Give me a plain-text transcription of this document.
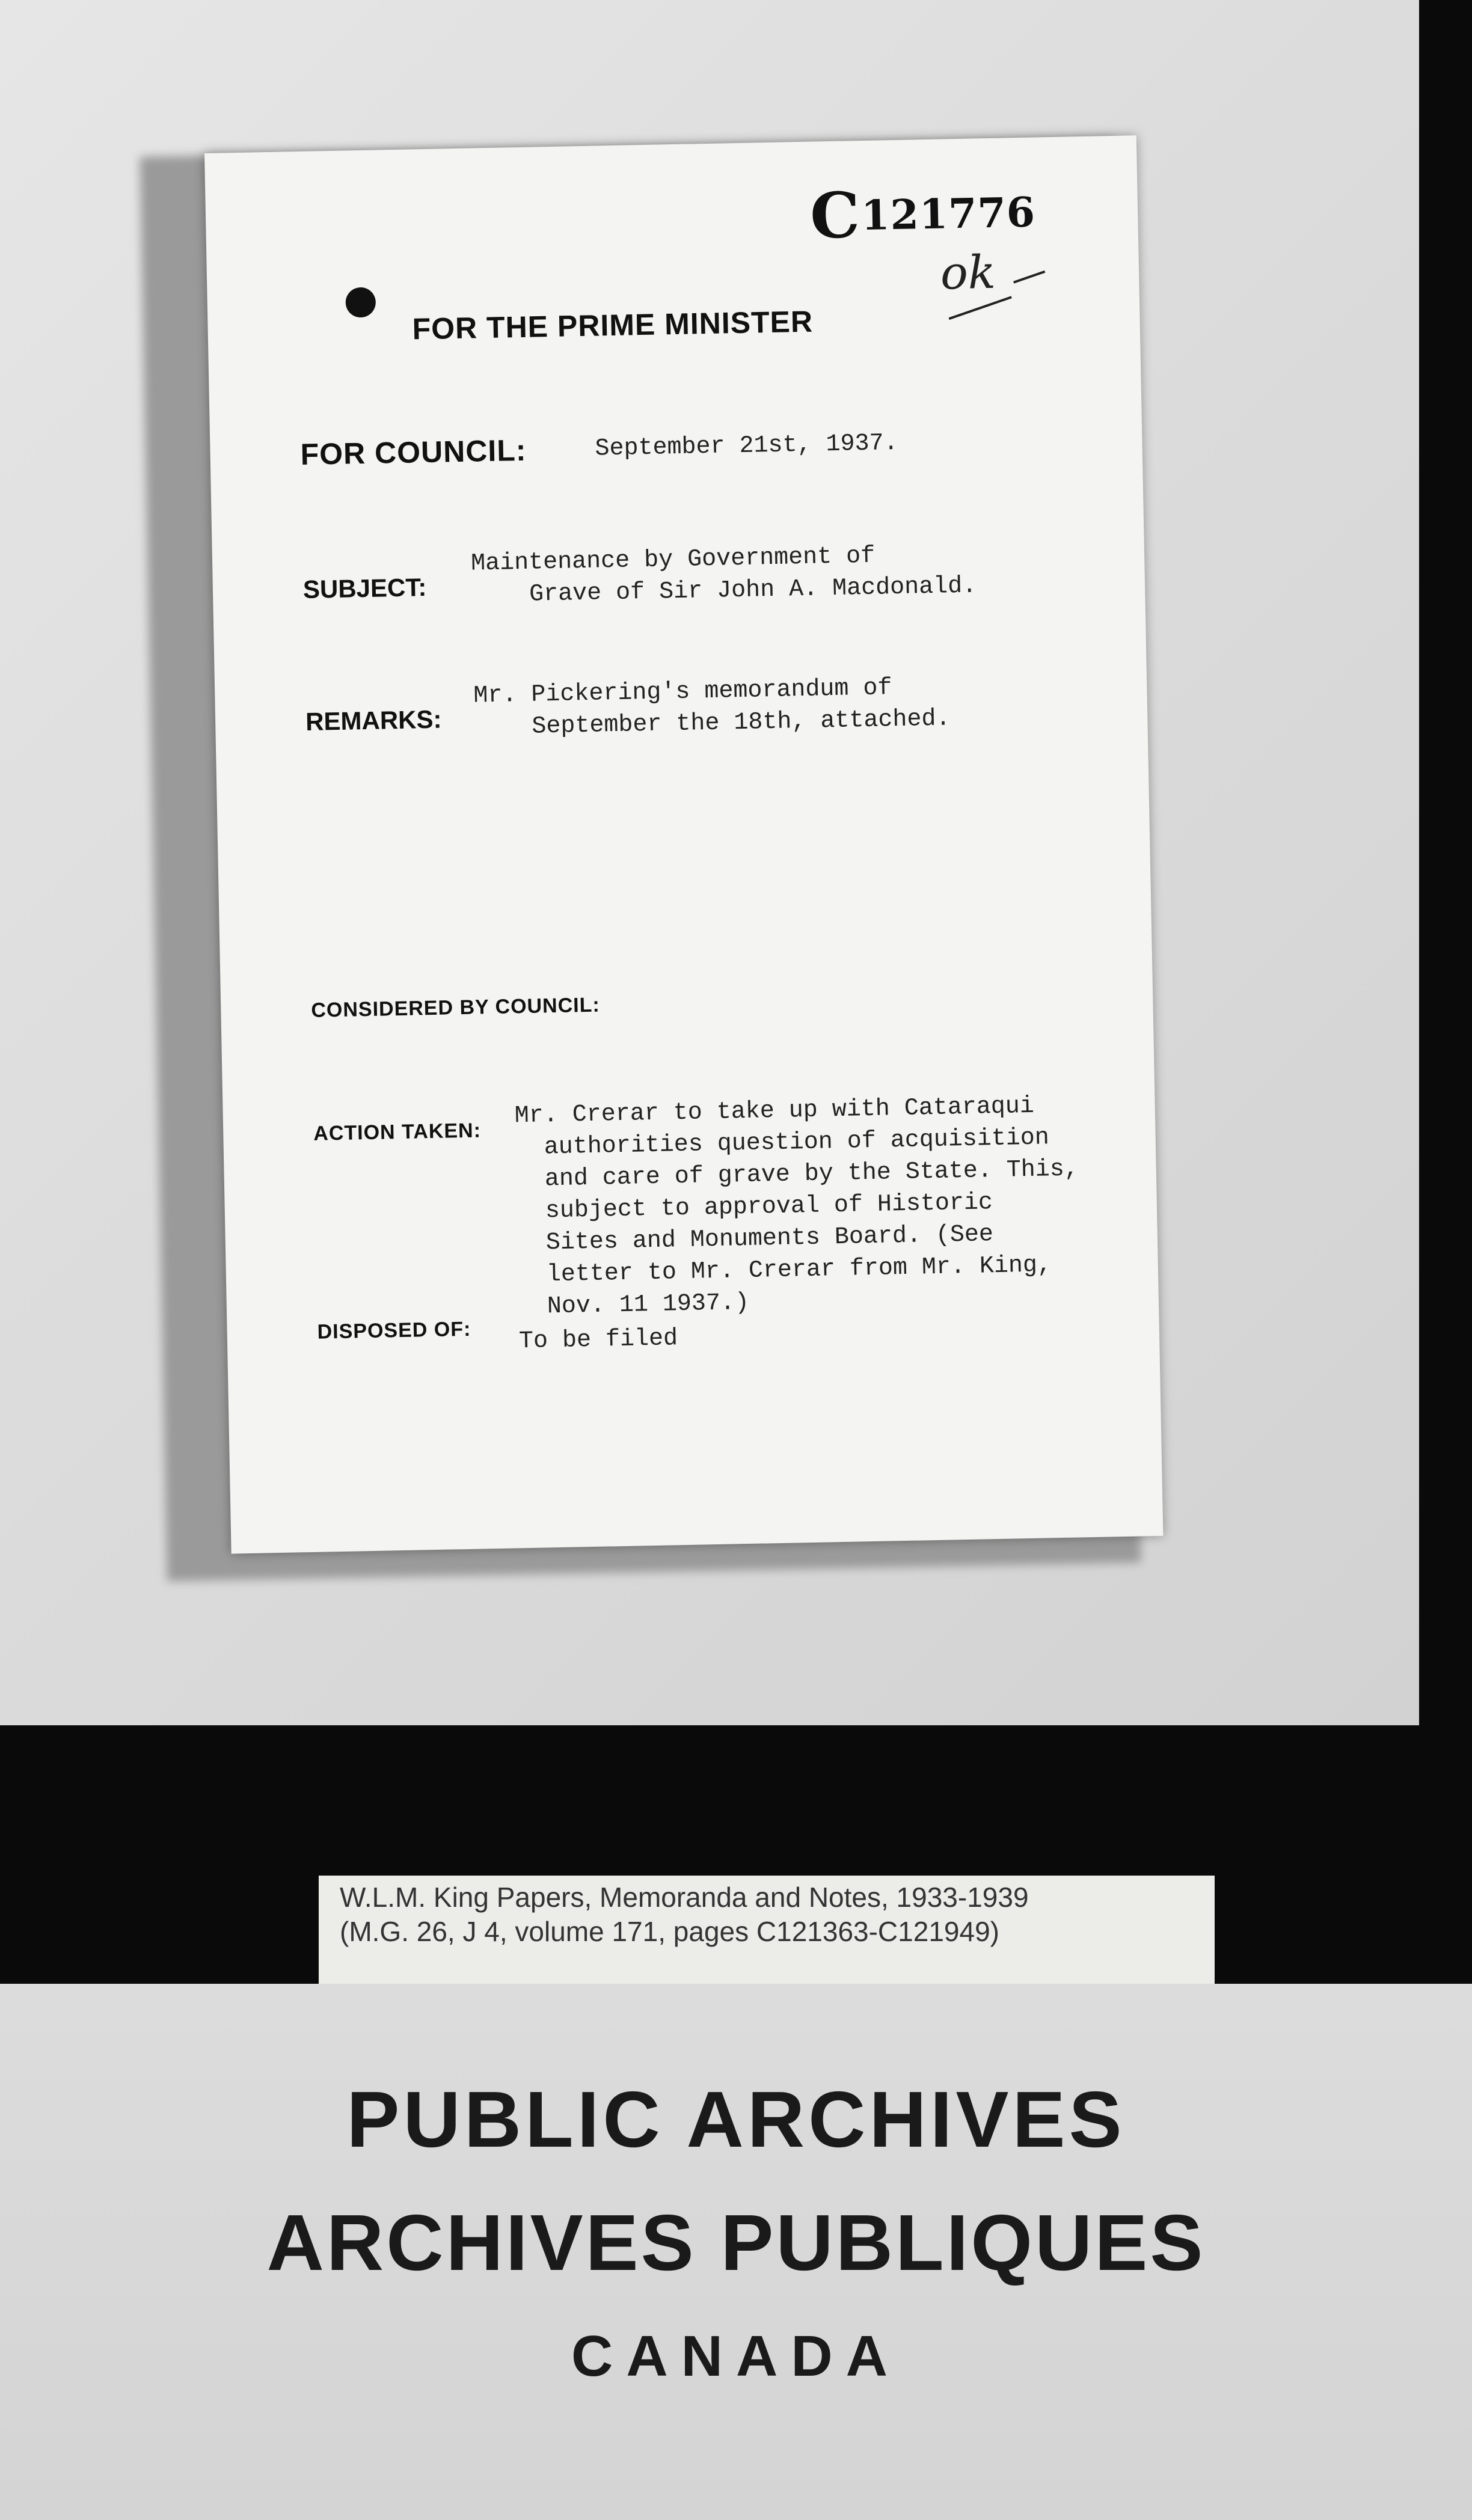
C 121776
ok
FOR THE PRIME MINISTER
FOR COUNCIL:	September 21st, 1937.
SUBJECT:
Maintenance by Government of
Grave of Sir John A. Macdonald.
REMARKS:
Mr. Pickering's memorandum of
September the 18th, attached.
CONSIDERED BY COUNCIL:
ACTION TAKEN:
Mr. Crerar to take up with Cataraqui
authorities question of acquisition
and care of grave by the State. This,
subject to approval of Historic
Sites and Monuments Board. (See
letter to Mr. Crerar from Mr. King,
Nov. 11 1937.)
DISPOSED OF: To be filed
W.L.M. King Papers, Memoranda and Notes, 1933-1939
(M.G. 26, J 4, volume 171, pages C121363-C121949)
PUBLIC ARCHIVES
ARCHIVES PUBLIQUES
CANADA
